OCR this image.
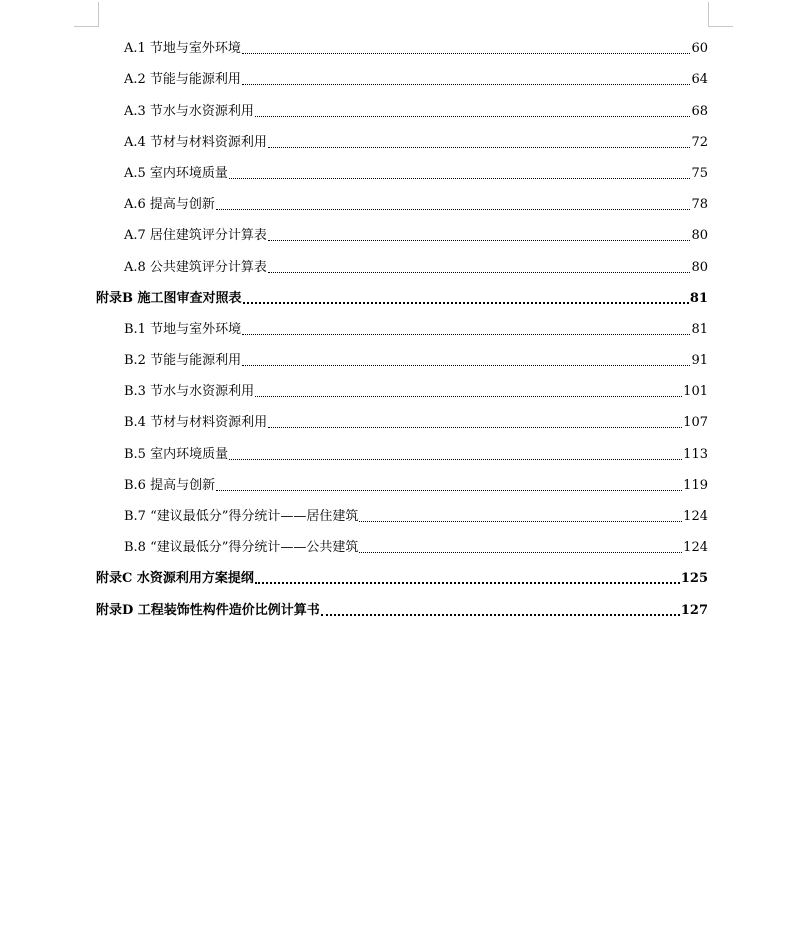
A.1 节地与室外环境	60
A.2 节能与能源利用	64
A.3 节水与水资源利用	68
A.4 节材与材料资源利用	72
A.5 室内环境质量	75
A.6 提高与创新	78
A.7 居住建筑评分计算表	80
A.8 公共建筑评分计算表	80
附录B 施工图审查对照表	81
B.1 节地与室外环境	81
B.2 节能与能源利用	91
B.3 节水与水资源利用	101
B.4 节材与材料资源利用	107
B.5 室内环境质量	113
B.6 提高与创新	119
B.7 “建议最低分”得分统计——居住建筑	124
B.8 “建议最低分”得分统计——公共建筑	124
附录C 水资源利用方案提纲	125
附录D 工程装饰性构件造价比例计算书	127
